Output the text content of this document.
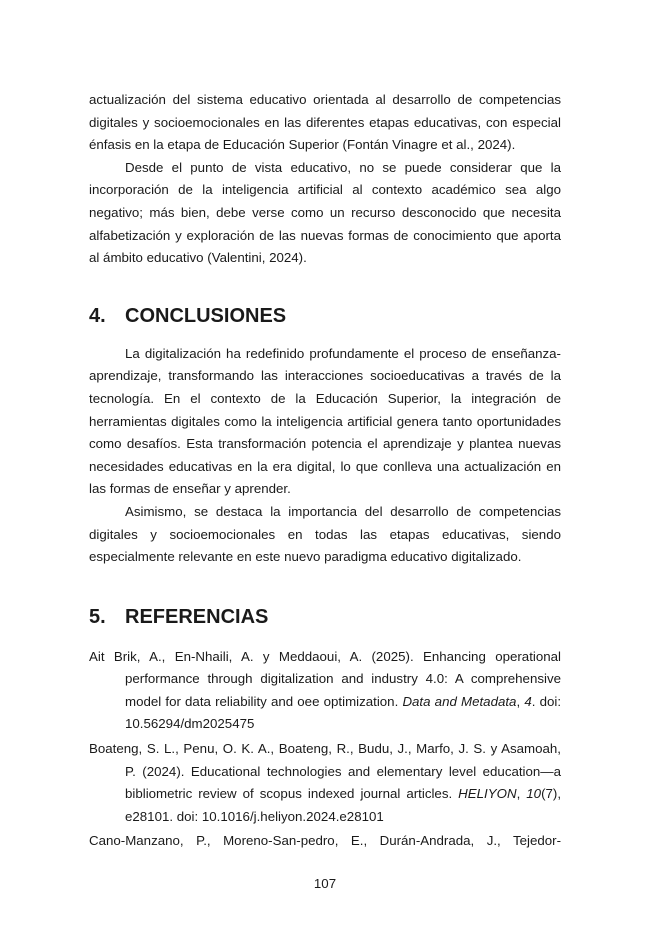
actualización del sistema educativo orientada al desarrollo de competencias digitales y socioemocionales en las diferentes etapas educativas, con especial énfasis en la etapa de Educación Superior (Fontán Vinagre et al., 2024).

Desde el punto de vista educativo, no se puede considerar que la incorporación de la inteligencia artificial al contexto académico sea algo negativo; más bien, debe verse como un recurso desconocido que necesita alfabetización y exploración de las nuevas formas de conocimiento que aporta al ámbito educativo (Valentini, 2024).

4. CONCLUSIONES

La digitalización ha redefinido profundamente el proceso de enseñanza-aprendizaje, transformando las interacciones socioeducativas a través de la tecnología. En el contexto de la Educación Superior, la integración de herramientas digitales como la inteligencia artificial genera tanto oportunidades como desafíos. Esta transformación potencia el aprendizaje y plantea nuevas necesidades educativas en la era digital, lo que conlleva una actualización en las formas de enseñar y aprender.

Asimismo, se destaca la importancia del desarrollo de competencias digitales y socioemocionales en todas las etapas educativas, siendo especialmente relevante en este nuevo paradigma educativo digitalizado.

5. REFERENCIAS
Ait Brik, A., En-Nhaili, A. y Meddaoui, A. (2025). Enhancing operational performance through digitalization and industry 4.0: A comprehensive model for data reliability and oee optimization. Data and Metadata, 4. doi: 10.56294/dm2025475
Boateng, S. L., Penu, O. K. A., Boateng, R., Budu, J., Marfo, J. S. y Asamoah, P. (2024). Educational technologies and elementary level education—a bibliometric review of scopus indexed journal articles. HELIYON, 10(7), e28101. doi: 10.1016/j.heliyon.2024.e28101
Cano-Manzano, P., Moreno-San-pedro, E., Durán-Andrada, J., Tejedor-
107
